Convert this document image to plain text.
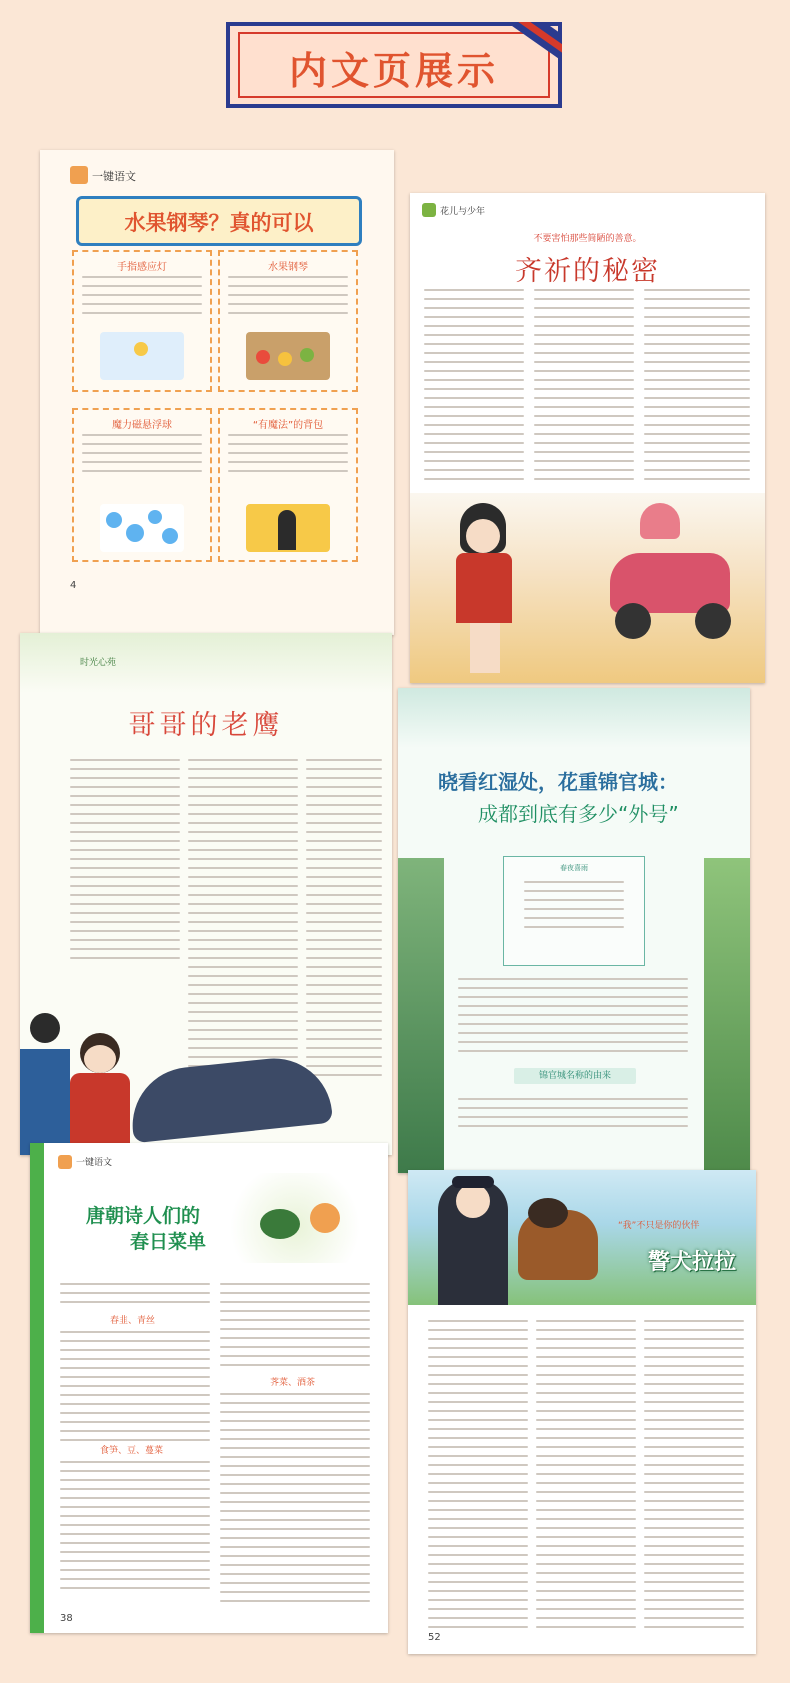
内文页展示
一键语文
水果钢琴？真的可以
手指感应灯	水果钢琴
魔力磁悬浮球	“有魔法”的背包
4
花儿与少年
不要害怕那些简陋的善意。
齐祈的秘密
时光心苑
哥哥的老鹰
晓看红湿处，花重锦官城：
成都到底有多少“外号”
春夜喜雨
锦官城名称的由来
一键语文
唐朝诗人们的
春日菜单
春韭、青丝
食笋、豆、蔓菜
荠菜、酒茶
38
“我”不只是你的伙伴
警犬拉拉
52
